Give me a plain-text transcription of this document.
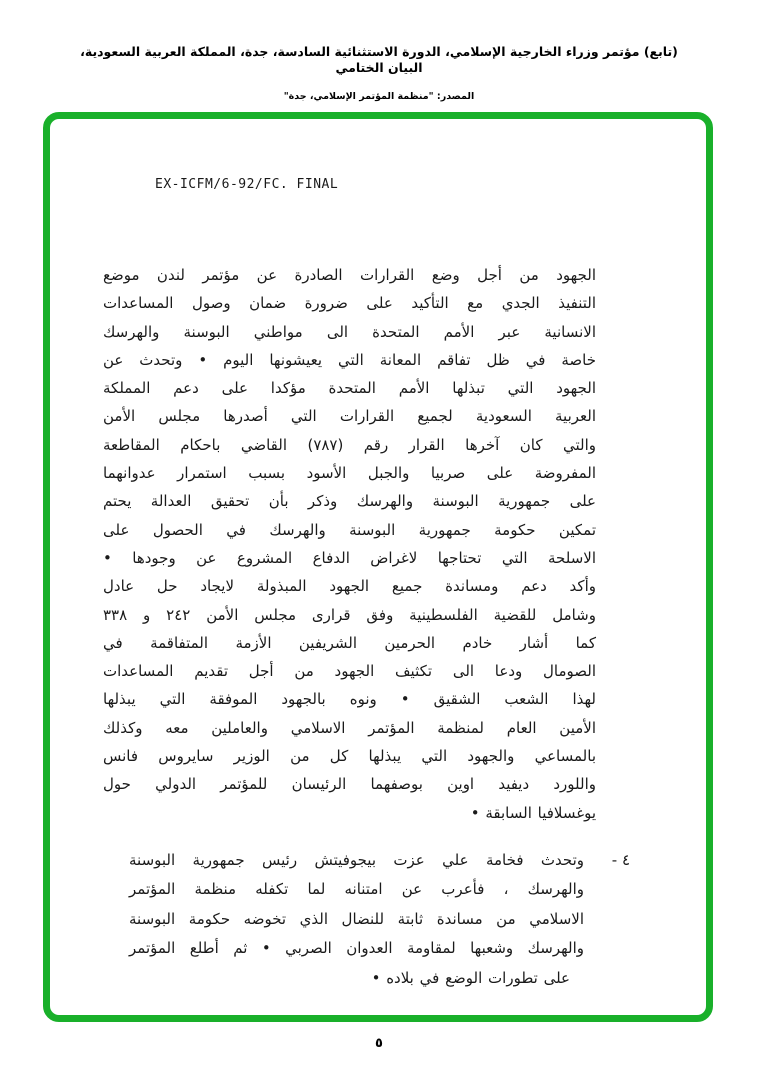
(تابع) مؤتمر وزراء الخارجية الإسلامي، الدورة الاستثنائية السادسة، جدة، المملكة العربية السعودية، البيان الختامي
المصدر: "منظمة المؤتمر الإسلامي، جدة"
EX-ICFM/6-92/FC. FINAL
الجهود من أجل وضع القرارات الصادرة عن مؤتمر لندن موضع
التنفيذ الجدي مع التأكيد على ضرورة ضمان وصول المساعدات
الانسانية عبر الأمم المتحدة الى مواطني البوسنة والهرسك
خاصة في ظل تفاقم المعانة التي يعيشونها اليوم • وتحدث عن
الجهود التي تبذلها الأمم المتحدة مؤكدا على دعم المملكة
العربية السعودية لجميع القرارات التي أصدرها مجلس الأمن
والتي كان آخرها القرار رقم (٧٨٧) القاضي باحكام المقاطعة
المفروضة على صربيا والجبل الأسود بسبب استمرار عدوانهما
على جمهورية البوسنة والهرسك وذكر بأن تحقيق العدالة يحتم
تمكين حكومة جمهورية البوسنة والهرسك في الحصول على
الاسلحة التي تحتاجها لاغراض الدفاع المشروع عن وجودها •
وأكد دعم ومساندة جميع الجهود المبذولة لايجاد حل عادل
وشامل للقضية الفلسطينية وفق قرارى مجلس الأمن ٢٤٢ و ٣٣٨
كما أشار خادم الحرمين الشريفين الأزمة المتفاقمة في
الصومال ودعا الى تكثيف الجهود من أجل تقديم المساعدات
لهذا الشعب الشقيق • ونوه بالجهود الموفقة التي يبذلها
الأمين العام لمنظمة المؤتمر الاسلامي والعاملين معه وكذلك
بالمساعي والجهود التي يبذلها كل من الوزير سايروس فانس
واللورد ديفيد اوين بوصفهما الرئيسان للمؤتمر الدولي حول
يوغسلافيا السابقة •
٤ -
وتحدث فخامة علي عزت بيجوفيتش رئيس جمهورية البوسنة
والهرسك ، فأعرب عن امتنانه لما تكفله منظمة المؤتمر
الاسلامي من مساندة ثابتة للنضال الذي تخوضه حكومة البوسنة
والهرسك وشعبها لمقاومة العدوان الصربي • ثم أطلع المؤتمر
على تطورات الوضع في بلاده •
٥
